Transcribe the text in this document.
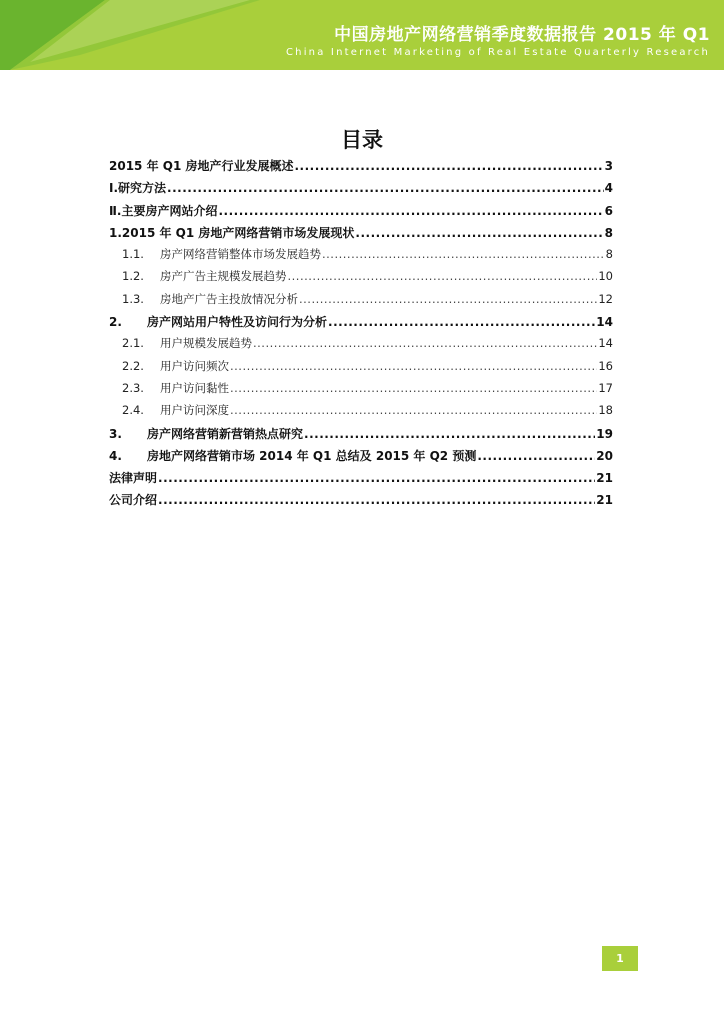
中国房地产网络营销季度数据报告 2015 年 Q1
China Internet Marketing of Real Estate Quarterly Research
目录
2015 年 Q1 房地产行业发展概述 .....	3
Ⅰ.研究方法 .....	4
Ⅱ.主要房产网站介绍 .....	6
1.2015 年 Q1 房地产网络营销市场发展现状 .....	8
1.1.	房产网络营销整体市场发展趋势 .....	8
1.2.	房产广告主规模发展趋势 .....	10
1.3.	房地产广告主投放情况分析 .....	12
2.	房产网站用户特性及访问行为分析 .....	14
2.1.	用户规模发展趋势 .....	14
2.2.	用户访问频次 .....	16
2.3.	用户访问黏性 .....	17
2.4.	用户访问深度 .....	18
3.	房产网络营销新营销热点研究 .....	19
4.	房地产网络营销市场 2014 年 Q1 总结及 2015 年 Q2 预测 .....	20
法律声明 .....	21
公司介绍 .....	21
1
